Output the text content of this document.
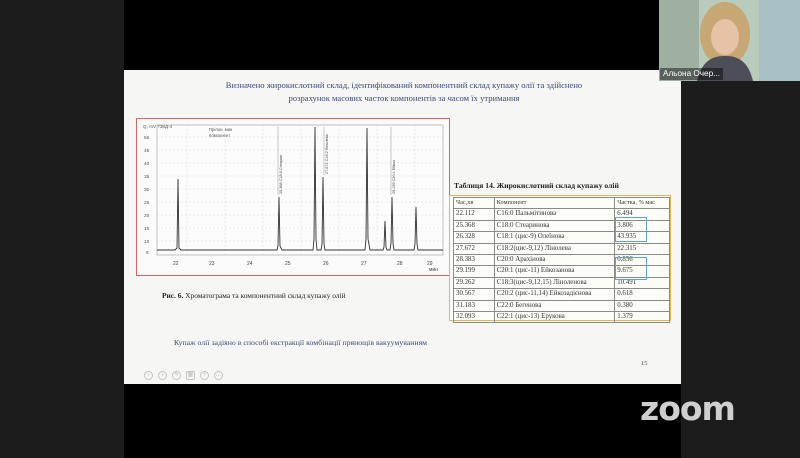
Визначено жирокислотний склад, ідентифікований компонентний склад купажу олії та здійснено
розрахунок масових часток компонентів за часом їх утримання
Q, mV ?38Д-4
Прілон, мин
Компонент
50
45
40
35
30
25
20
15
10
5
22	23	24	25	26	27	28	29
мин
25.368 С18:0 Стеарин
27.672 С18:2 Лінолева
29.199 C20:1 Ейкоз
Рис. 6. Хроматограма та компонентний склад купажу олій
Таблиця 14. Жирокислотний склад купажу олій
Час,хв	Компонент	Частка, % мас
22.112	C16:0 Пальмітинова	6.494
25.368	C18:0 Стеаринова	3.806
26.328	C18:1 (цис-9) Олеїнова	43.935
27.672	C18:2(цис-9,12) Лінолева	22.315
28.383	C20:0 Арахінова	0.856
29.199	C20:1 (цис-11) Ейкозанова	9.675
29.262	C18:3(цис-9,12,15) Ліноленова	10.491
30.567	C20:2 (цис-11,14) Ейкозадієнова	0.618
31.183	C22:0 Бегенова	0.380
32.093	C22:1 (цис-13) Ерукова	1.379
Купаж олії задіяно в способі екстракції комбінації прянощів вакуумуванням
15
‹	›	✎	▦	+	…
Альона Очер...
zoom
